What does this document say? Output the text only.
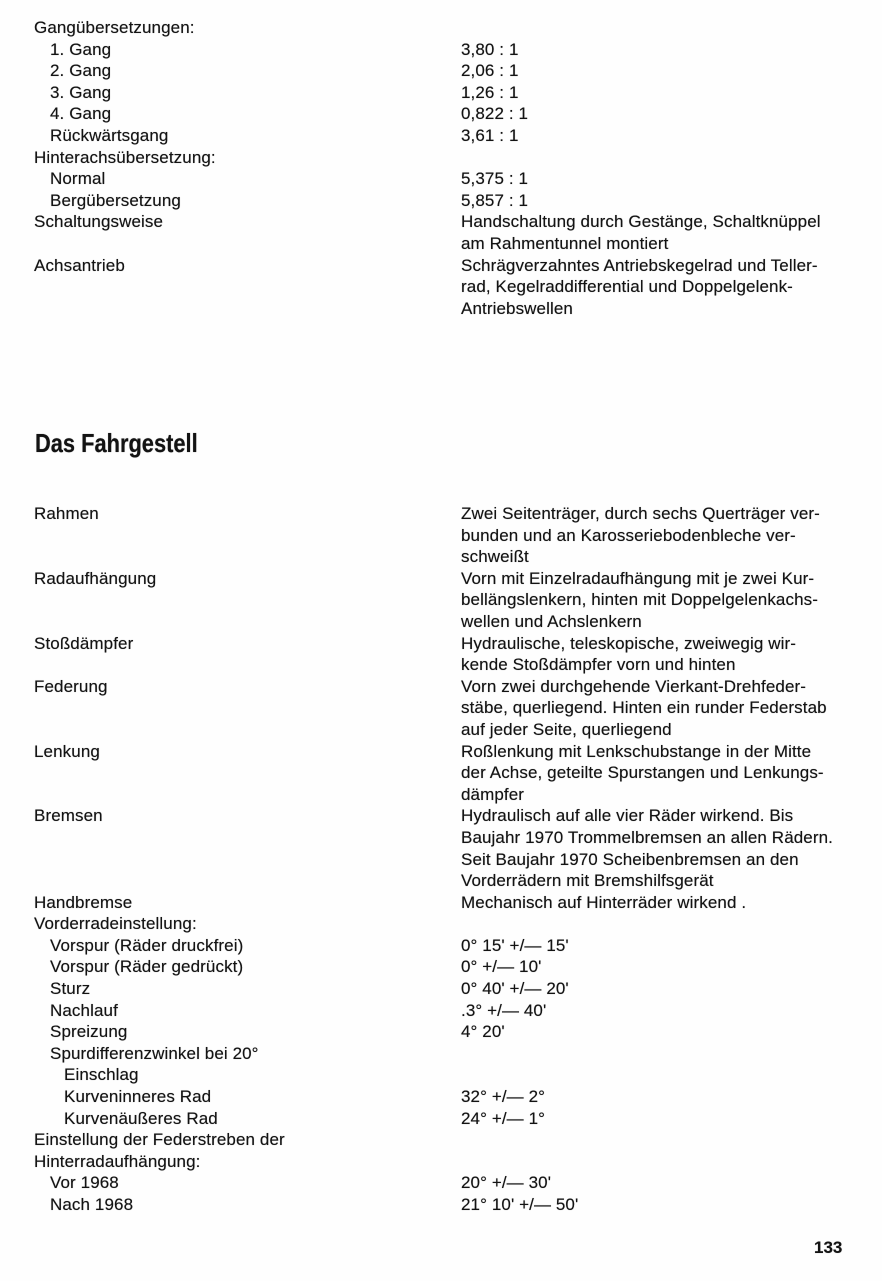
Gangübersetzungen:
1. Gang	3,80 : 1
2. Gang	2,06 : 1
3. Gang	1,26 : 1
4. Gang	0,822 : 1
Rückwärtsgang	3,61 : 1
Hinterachsübersetzung:
Normal	5,375 : 1
Bergübersetzung	5,857 : 1
Schaltungsweise	Handschaltung durch Gestänge, Schaltknüppel
am Rahmentunnel montiert
Achsantrieb	Schrägverzahntes Antriebskegelrad und Teller-
rad, Kegelraddifferential und Doppelgelenk-
Antriebswellen
Das Fahrgestell
Rahmen	Zwei Seitenträger, durch sechs Querträger ver-
bunden und an Karosseriebodenbleche ver-
schweißt
Radaufhängung	Vorn mit Einzelradaufhängung mit je zwei Kur-
bellängslenkern, hinten mit Doppelgelenkachs-
wellen und Achslenkern
Stoßdämpfer	Hydraulische, teleskopische, zweiwegig wir-
kende Stoßdämpfer vorn und hinten
Federung	Vorn zwei durchgehende Vierkant-Drehfeder-
stäbe, querliegend. Hinten ein runder Federstab
auf jeder Seite, querliegend
Lenkung	Roßlenkung mit Lenkschubstange in der Mitte
der Achse, geteilte Spurstangen und Lenkungs-
dämpfer
Bremsen	Hydraulisch auf alle vier Räder wirkend. Bis
Baujahr 1970 Trommelbremsen an allen Rädern.
Seit Baujahr 1970 Scheibenbremsen an den
Vorderrädern mit Bremshilfsgerät
Handbremse	Mechanisch auf Hinterräder wirkend .
Vorderradeinstellung:
Vorspur (Räder druckfrei)	0° 15' +/— 15'
Vorspur (Räder gedrückt)	0° +/— 10'
Sturz	0° 40' +/— 20'
Nachlauf	.3° +/— 40'
Spreizung	4° 20'
Spurdifferenzwinkel bei 20°
Einschlag
Kurveninneres Rad	32° +/— 2°
Kurvenäußeres Rad	24° +/— 1°
Einstellung der Federstreben der
Hinterradaufhängung:
Vor 1968	20° +/— 30'
Nach 1968	21° 10' +/— 50'
133
